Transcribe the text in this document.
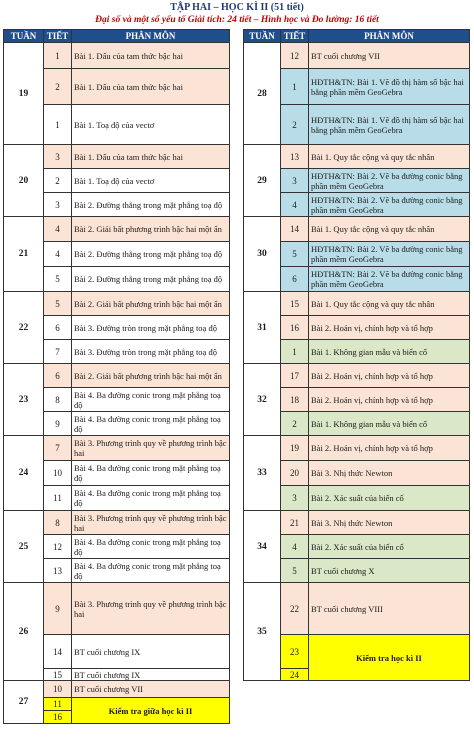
TẬP HAI – HỌC KÌ II (51 tiết)
Đại số và một số yếu tố Giải tích: 24 tiết – Hình học và Đo lường: 16 tiết
TUẦN	TIẾT	PHÂN MÔN
19	1	Bài 1. Dấu của tam thức bậc hai
	2	Bài 1. Dấu của tam thức bậc hai
	1	Bài 1. Toạ độ của vectơ
20	3	Bài 1. Dấu của tam thức bậc hai
	2	Bài 1. Toạ độ của vectơ
	3	Bài 2. Đường thẳng trong mặt phẳng toạ độ
21	4	Bài 2. Giải bất phương trình bậc hai một ẩn
	4	Bài 2. Đường thẳng trong mặt phẳng toạ độ
	5	Bài 2. Đường thẳng trong mặt phẳng toạ độ
22	5	Bài 2. Giải bất phương trình bậc hai một ẩn
	6	Bài 3. Đường tròn trong mặt phẳng toạ độ
	7	Bài 3. Đường tròn trong mặt phẳng toạ độ
23	6	Bài 2. Giải bất phương trình bậc hai một ẩn
	8	Bài 4. Ba đường conic trong mặt phẳng toạ độ
	9	Bài 4. Ba đường conic trong mặt phẳng toạ độ
24	7	Bài 3. Phương trình quy về phương trình bậc hai
	10	Bài 4. Ba đường conic trong mặt phẳng toạ độ
	11	Bài 4. Ba đường conic trong mặt phẳng toạ độ
25	8	Bài 3. Phương trình quy về phương trình bậc hai
	12	Bài 4. Ba đường conic trong mặt phẳng toạ độ
	13	Bài 4. Ba đường conic trong mặt phẳng toạ độ
26	9	Bài 3. Phương trình quy về phương trình bậc hai
	14	BT cuối chương IX
	15	BT cuối chương IX
27	10	BT cuối chương VII
	11	Kiểm tra giữa học kì II
	16	
TUẦN	TIẾT	PHÂN MÔN
28	12	BT cuối chương VII
	1	HĐTH&TN: Bài 1. Vẽ đồ thị hàm số bậc hai bằng phần mềm GeoGebra
	2	HĐTH&TN: Bài 1. Vẽ đồ thị hàm số bậc hai bằng phần mềm GeoGebra
29	13	Bài 1. Quy tắc cộng và quy tắc nhân
	3	HĐTH&TN: Bài 2. Vẽ ba đường conic bằng phần mềm GeoGebra
	4	HĐTH&TN: Bài 2. Vẽ ba đường conic bằng phần mềm GeoGebra
30	14	Bài 1. Quy tắc cộng và quy tắc nhân
	5	HĐTH&TN: Bài 2. Vẽ ba đường conic bằng phần mềm GeoGebra
	6	HĐTH&TN: Bài 2. Vẽ ba đường conic bằng phần mềm GeoGebra
31	15	Bài 1. Quy tắc cộng và quy tắc nhân
	16	Bài 2. Hoán vị, chỉnh hợp và tổ hợp
	1	Bài 1. Không gian mẫu và biến cố
32	17	Bài 2. Hoán vị, chỉnh hợp và tổ hợp
	18	Bài 2. Hoán vị, chỉnh hợp và tổ hợp
	2	Bài 1. Không gian mẫu và biến cố
33	19	Bài 2. Hoán vị, chỉnh hợp và tổ hợp
	20	Bài 3. Nhị thức Newton
	3	Bài 2. Xác suất của biến cố
34	21	Bài 3. Nhị thức Newton
	4	Bài 2. Xác suất của biến cố
	5	BT cuối chương X
35	22	BT cuối chương VIII
	23	Kiểm tra học kì II
	24	
